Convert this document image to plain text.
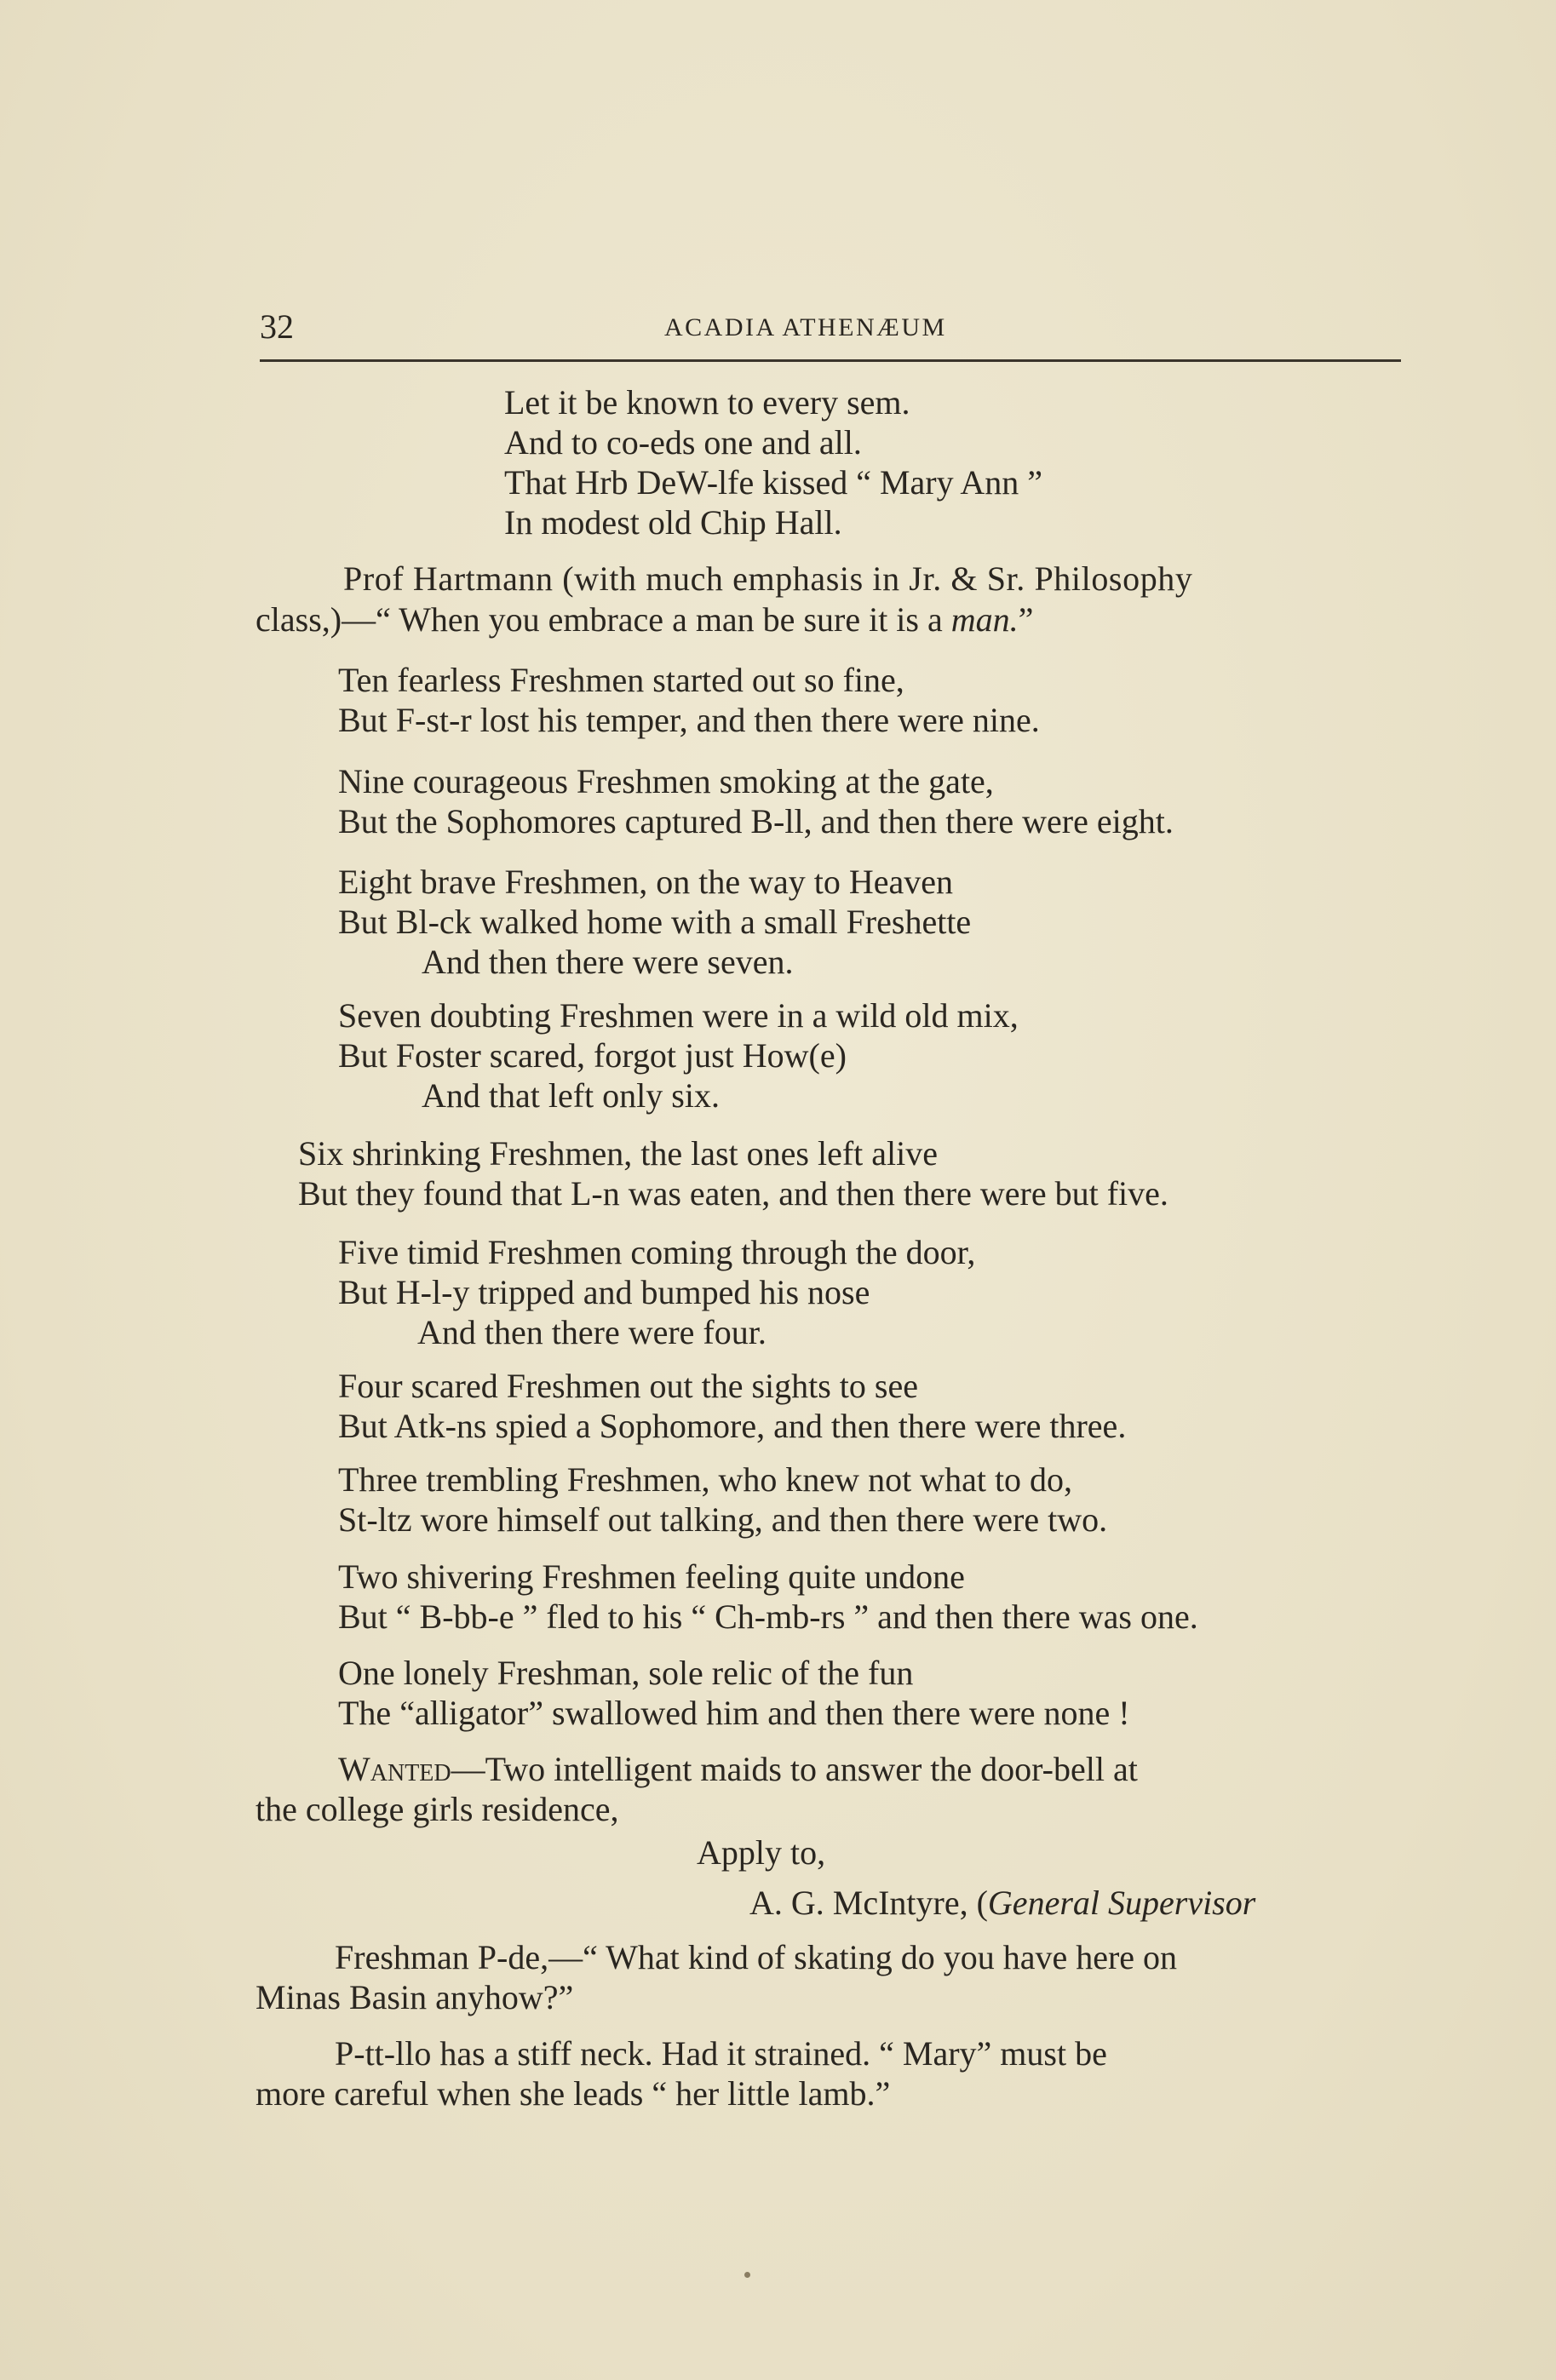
32	ACADIA ATHENÆUM
Let it be known to every sem.
And to co-eds one and all.
That Hrb DeW-lfe kissed “ Mary Ann ”
In modest old Chip Hall.
Prof Hartmann (with much emphasis in Jr. & Sr. Philosophy
class,)—“ When you embrace a man be sure it is a man.”
Ten fearless Freshmen started out so fine,
But F-st-r lost his temper, and then there were nine.
Nine courageous Freshmen smoking at the gate,
But the Sophomores captured B-ll, and then there were eight.
Eight brave Freshmen, on the way to Heaven
But Bl-ck walked home with a small Freshette
And then there were seven.
Seven doubting Freshmen were in a wild old mix,
But Foster scared, forgot just How(e)
And that left only six.
Six shrinking Freshmen, the last ones left alive
But they found that L-n was eaten, and then there were but five.
Five timid Freshmen coming through the door,
But H-l-y tripped and bumped his nose
And then there were four.
Four scared Freshmen out the sights to see
But Atk-ns spied a Sophomore, and then there were three.
Three trembling Freshmen, who knew not what to do,
St-ltz wore himself out talking, and then there were two.
Two shivering Freshmen feeling quite undone
But “ B-bb-e ” fled to his “ Ch-mb-rs ” and then there was one.
One lonely Freshman, sole relic of the fun
The “alligator” swallowed him and then there were none !
Wanted—Two intelligent maids to answer the door-bell at
the college girls residence,
Apply to,
A. G. McIntyre, (General Supervisor
Freshman P-de,—“ What kind of skating do you have here on
Minas Basin anyhow?”
P-tt-llo has a stiff neck. Had it strained. “ Mary” must be
more careful when she leads “ her little lamb.”
